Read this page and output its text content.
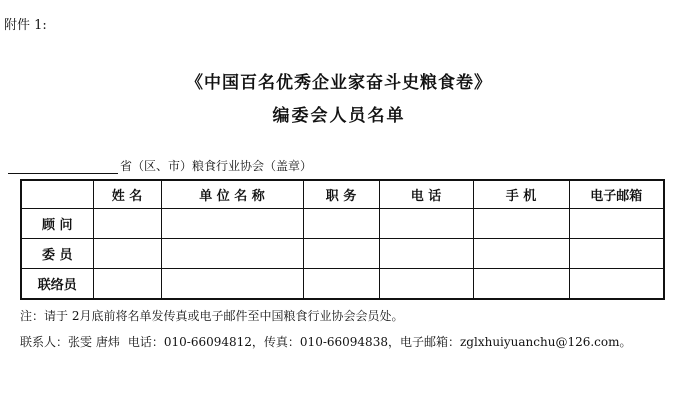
附件 1:
《中国百名优秀企业家奋斗史粮食卷》
编委会人员名单
省（区、市）粮食行业协会（盖章）
	姓 名	单 位 名 称	职 务	电 话	手 机	电子邮箱
顾 问						
委 员						
联络员						
注：请于 2月底前将名单发传真或电子邮件至中国粮食行业协会会员处。
联系人：张雯 唐炜 电话：010-66094812，传真：010-66094838，电子邮箱：zglxhuiyuanchu@126.com。
